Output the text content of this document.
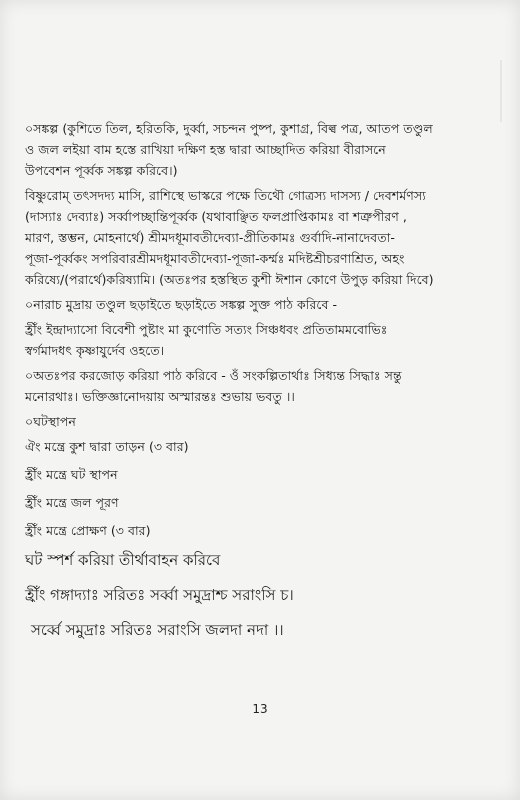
০সঙ্কল্প (কুশিতে তিল, হরিতকি, দুর্ব্বা, সচন্দন পুষ্প, কুশাগ্র, বিল্ব পত্র, আতপ তণ্ডুল
ও জল লইয়া বাম হস্তে রাখিয়া দক্ষিণ হস্ত দ্বারা আচ্ছাদিত করিয়া বীরাসনে
উপবেশন পূর্ব্বক সঙ্কল্প করিবে।)

বিষ্ণুরোম্ তৎসদদ্য মাসি, রাশিস্থে ভাস্করে পক্ষে তিথৌ গোত্রস্য দাসস্য / দেবশর্মণস্য
(দাস্যাঃ দেব্যাঃ) সর্ব্বাপচ্ছান্তিপূর্ব্বক (যথাবাঞ্ছিত ফলপ্রাপ্তিকামঃ বা শত্রুপীরণ ,
মারণ, স্তম্ভন, মোহনার্থে) শ্রীমদধূমাবতীদেব্যা-প্রীতিকামঃ গুর্বাদি-নানাদেবতা-
পূজা-পূর্ব্বকং সপরিবারশ্রীমদধূমাবতীদেব্যা-পূজা-কর্ম্মঃ মদিষ্টশ্রীচরণাশ্রিত, অহং
করিষ্যে/(পরার্থে)করিষ্যামি। (অতঃপর হস্তস্থিত কুশী ঈশান কোণে উপুড় করিয়া দিবে)

০নারাচ মুদ্রায় তণ্ডুল ছড়াইতে ছড়াইতে সঙ্কল্প সুক্ত পাঠ করিবে -

হ্রীঁং ইন্দ্রাদ্যাসো বিবেশী পুষ্টাং মা কুণোতি সত্যং সিঞ্চধবং প্রতিতামমবোভিঃ
স্বর্গমাদধৎ কৃষ্ণাযুর্দেব ওহতে।

০অতঃপর করজোড় করিয়া পাঠ করিবে - ওঁ সংকল্পিতার্থাঃ সিধ্যন্ত সিদ্ধাঃ সন্তু
মনোরথাঃ। ভক্তিজ্ঞানোদয়ায় অস্মারন্তঃ শুভায় ভবতু ।।

০ঘটস্থাপন

ঐং মন্ত্রে কুশ দ্বারা তাড়ন (৩ বার)

হ্রীঁং মন্ত্রে ঘট স্থাপন

হ্রীঁং মন্ত্রে জল পূরণ

হ্রীঁং মন্ত্রে প্রোক্ষণ (৩ বার)

ঘট স্পর্শ করিয়া তীর্থাবাহন করিবে

হ্রীঁং গঙ্গাদ্যাঃ সরিতঃ সর্ব্বা সমুদ্রাশ্চ সরাংসি চ।

সর্ব্বে সমুদ্রাঃ সরিতঃ সরাংসি জলদা নদা ।।

13
